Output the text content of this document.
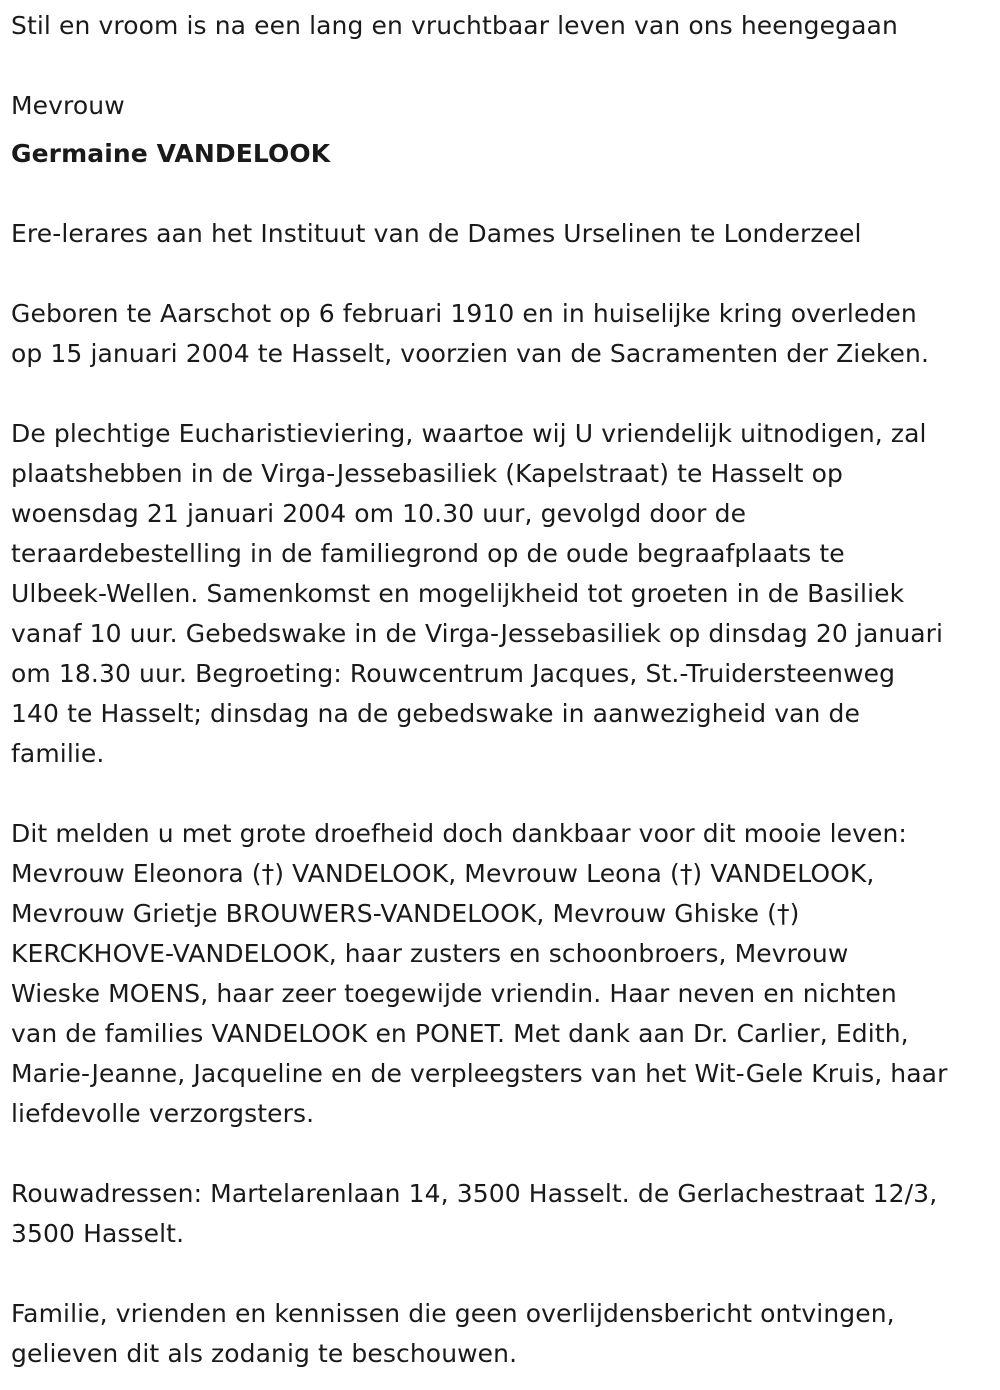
Stil en vroom is na een lang en vruchtbaar leven van ons heengegaan

Mevrouw

Germaine VANDELOOK

Ere-lerares aan het Instituut van de Dames Urselinen te Londerzeel

Geboren te Aarschot op 6 februari 1910 en in huiselijke kring overleden
op 15 januari 2004 te Hasselt, voorzien van de Sacramenten der Zieken.

De plechtige Eucharistieviering, waartoe wij U vriendelijk uitnodigen, zal
plaatshebben in de Virga-Jessebasiliek (Kapelstraat) te Hasselt op
woensdag 21 januari 2004 om 10.30 uur, gevolgd door de
teraardebestelling in de familiegrond op de oude begraafplaats te
Ulbeek-Wellen. Samenkomst en mogelijkheid tot groeten in de Basiliek
vanaf 10 uur. Gebedswake in de Virga-Jessebasiliek op dinsdag 20 januari
om 18.30 uur. Begroeting: Rouwcentrum Jacques, St.-Truidersteenweg
140 te Hasselt; dinsdag na de gebedswake in aanwezigheid van de
familie.

Dit melden u met grote droefheid doch dankbaar voor dit mooie leven:
Mevrouw Eleonora (†) VANDELOOK, Mevrouw Leona (†) VANDELOOK,
Mevrouw Grietje BROUWERS-VANDELOOK, Mevrouw Ghiske (†)
KERCKHOVE-VANDELOOK, haar zusters en schoonbroers, Mevrouw
Wieske MOENS, haar zeer toegewijde vriendin. Haar neven en nichten
van de families VANDELOOK en PONET. Met dank aan Dr. Carlier, Edith,
Marie-Jeanne, Jacqueline en de verpleegsters van het Wit-Gele Kruis, haar
liefdevolle verzorgsters.

Rouwadressen: Martelarenlaan 14, 3500 Hasselt. de Gerlachestraat 12/3,
3500 Hasselt.

Familie, vrienden en kennissen die geen overlijdensbericht ontvingen,
gelieven dit als zodanig te beschouwen.
